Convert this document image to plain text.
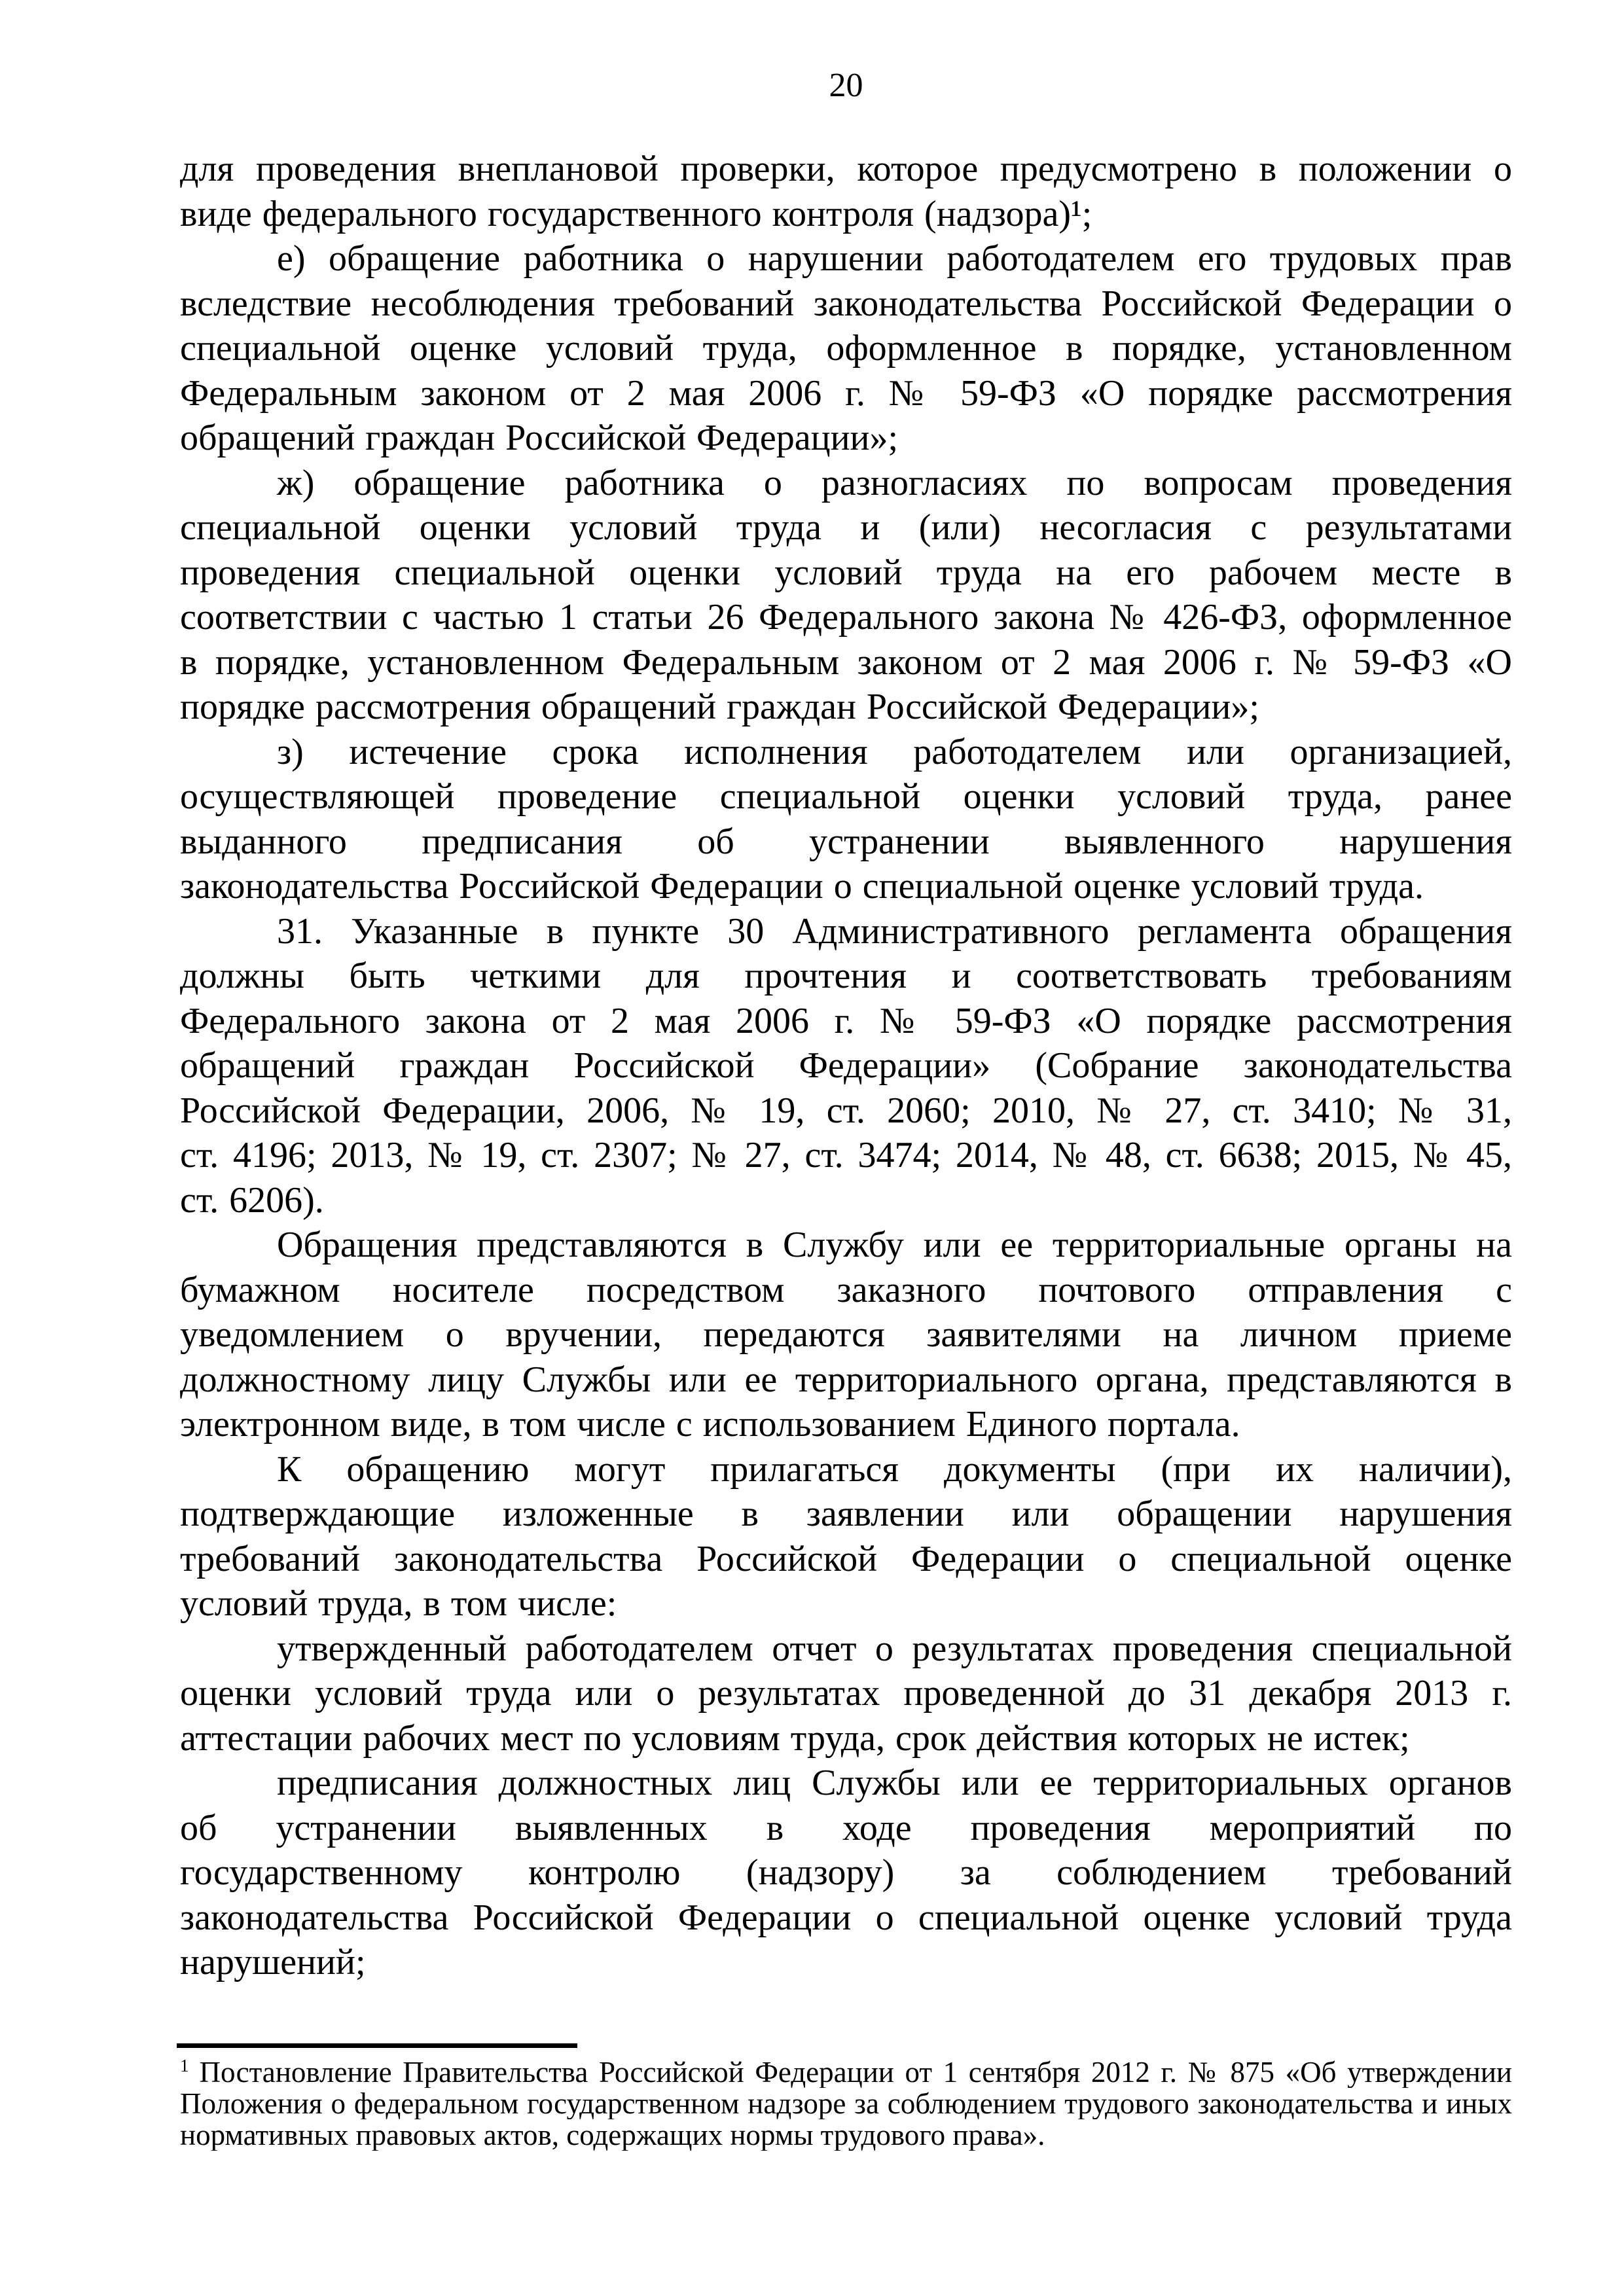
20
для проведения внеплановой проверки, которое предусмотрено в положении о
виде федерального государственного контроля (надзора)¹;
е) обращение работника о нарушении работодателем его трудовых прав
вследствие несоблюдения требований законодательства Российской Федерации о
специальной оценке условий труда, оформленное в порядке, установленном
Федеральным законом от 2 мая 2006 г. № 59-ФЗ «О порядке рассмотрения
обращений граждан Российской Федерации»;
ж) обращение работника о разногласиях по вопросам проведения
специальной оценки условий труда и (или) несогласия с результатами
проведения специальной оценки условий труда на его рабочем месте в
соответствии с частью 1 статьи 26 Федерального закона № 426-ФЗ, оформленное
в порядке, установленном Федеральным законом от 2 мая 2006 г. № 59-ФЗ «О
порядке рассмотрения обращений граждан Российской Федерации»;
з) истечение срока исполнения работодателем или организацией,
осуществляющей проведение специальной оценки условий труда, ранее
выданного предписания об устранении выявленного нарушения
законодательства Российской Федерации о специальной оценке условий труда.
31. Указанные в пункте 30 Административного регламента обращения
должны быть четкими для прочтения и соответствовать требованиям
Федерального закона от 2 мая 2006 г. № 59-ФЗ «О порядке рассмотрения
обращений граждан Российской Федерации» (Собрание законодательства
Российской Федерации, 2006, № 19, ст. 2060; 2010, № 27, ст. 3410; № 31,
ст. 4196; 2013, № 19, ст. 2307; № 27, ст. 3474; 2014, № 48, ст. 6638; 2015, № 45,
ст. 6206).
Обращения представляются в Службу или ее территориальные органы на
бумажном носителе посредством заказного почтового отправления с
уведомлением о вручении, передаются заявителями на личном приеме
должностному лицу Службы или ее территориального органа, представляются в
электронном виде, в том числе с использованием Единого портала.
К обращению могут прилагаться документы (при их наличии),
подтверждающие изложенные в заявлении или обращении нарушения
требований законодательства Российской Федерации о специальной оценке
условий труда, в том числе:
утвержденный работодателем отчет о результатах проведения специальной
оценки условий труда или о результатах проведенной до 31 декабря 2013 г.
аттестации рабочих мест по условиям труда, срок действия которых не истек;
предписания должностных лиц Службы или ее территориальных органов
об устранении выявленных в ходе проведения мероприятий по
государственному контролю (надзору) за соблюдением требований
законодательства Российской Федерации о специальной оценке условий труда
нарушений;
$^1$ Постановление Правительства Российской Федерации от 1 сентября 2012 г. № 875 «Об утверждении
Положения о федеральном государственном надзоре за соблюдением трудового законодательства и иных
нормативных правовых актов, содержащих нормы трудового права».
